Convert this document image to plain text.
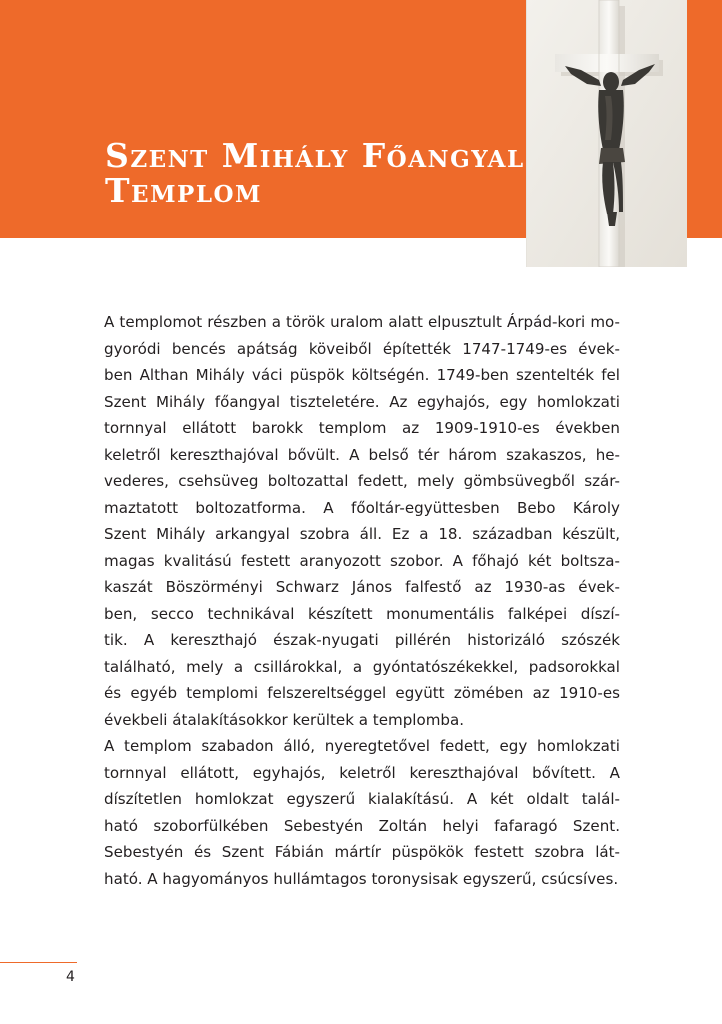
Szent Mihály Főangyal
Templom
A templomot részben a török uralom alatt elpusztult Árpád-kori mo-
gyoródi bencés apátság köveiből építették 1747-1749-es évek-
ben Althan Mihály váci püspök költségén. 1749-ben szentelték fel
Szent Mihály főangyal tiszteletére. Az egyhajós, egy homlokzati
tornnyal ellátott barokk templom az 1909-1910-es években
keletről kereszthajóval bővült. A belső tér három szakaszos, he-
vederes, csehsüveg boltozattal fedett, mely gömbsüvegből szár-
maztatott boltozatforma. A főoltár-együttesben Bebo Károly
Szent Mihály arkangyal szobra áll. Ez a 18. században készült,
magas kvalitású festett aranyozott szobor. A főhajó két boltsza-
kaszát Böszörményi Schwarz János falfestő az 1930-as évek-
ben, secco technikával készített monumentális falképei díszí-
tik. A kereszthajó észak-nyugati pillérén historizáló szószék
található, mely a csillárokkal, a gyóntatószékekkel, padsorokkal
és egyéb templomi felszereltséggel együtt zömében az 1910-es
évekbeli átalakításokkor kerültek a templomba.
A templom szabadon álló, nyeregtetővel fedett, egy homlokzati
tornnyal ellátott, egyhajós, keletről kereszthajóval bővített. A
díszítetlen homlokzat egyszerű kialakítású. A két oldalt talál-
ható szoborfülkében Sebestyén Zoltán helyi fafaragó Szent.
Sebestyén és Szent Fábián mártír püspökök festett szobra lát-
ható. A hagyományos hullámtagos toronysisak egyszerű, csúcsíves.
4
